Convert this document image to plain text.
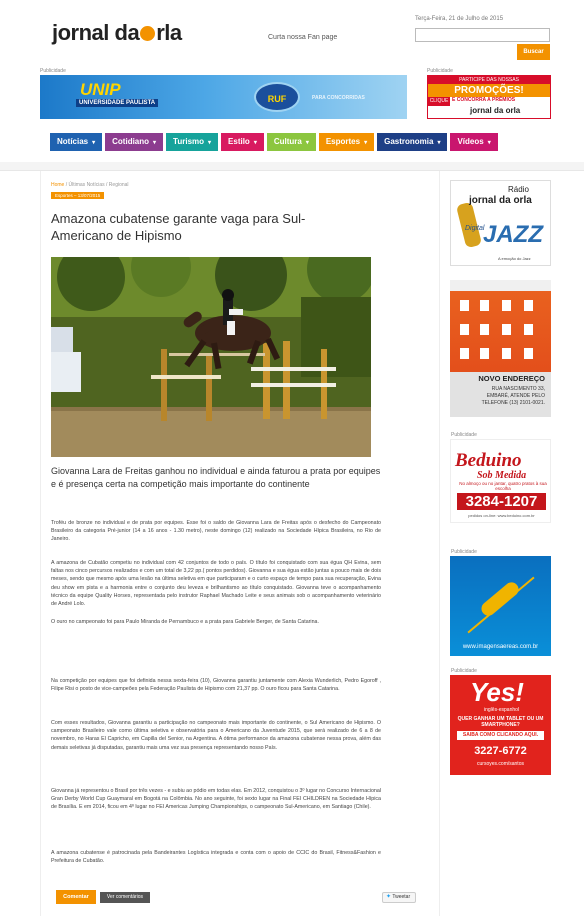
jornal da rla	Curta nossa Fan page
Terça-Feira, 21 de Julho de 2015
Buscar
Publicidade
UNIP
UNIVERSIDADE PAULISTA	RUF	PARA CONCORRIDAS
Publicidade
PARTICIPE DAS NOSSAS
PROMOÇÕES!
CLIQUE E CONCORRA A PRÊMIOS
jornal da orla
Notícias ▾	Cotidiano ▾	Turismo ▾	Estilo ▾	Cultura ▾	Esportes ▾	Gastronomia ▾	Vídeos ▾
Home / Últimas Notícias / Regional
Esportes – 13/07/2015
Amazona cubatense garante vaga para Sul-Americano de Hipismo

Giovanna Lara de Freitas ganhou no individual e ainda faturou a prata por equipes e é presença certa na competição mais importante do continente

Troféu de bronze no individual e de prata por equipes. Esse foi o saldo de Giovanna Lara de Freitas após o desfecho do Campeonato Brasileiro da categoria Pré-junior (14 a 16 anos - 1.30 metro), neste domingo (12) realizado na Sociedade Hípica Brasileira, no Rio de Janeiro.

A amazona de Cubatão competiu no individual com 42 conjuntos de todo o país. O título foi conquistado com sua égua QH Evina, sem faltas nos cinco percursos realizados e com um total de 3,22 pp.( pontos perdidos). Giovanna e sua égua estão juntas a pouco mais de dois meses, sendo que mesmo após uma lesão na última seletiva em que participaram e o curto espaço de tempo para sua recuperação, Evina deu show em pista e a harmonia entre o conjunto deu leveza e brilhantismo ao título conquistado. Giovanna teve o acompanhamento técnico da equipe Quality Horses, representada pelo instrutor Raphael Machado Leite e seus animais sob o acompanhamento veterinário de André Lolo.

O ouro no campeonato foi para Paulo Miranda de Pernambuco e a prata para Gabriele Berger, de Santa Catarina.

Na competição por equipes que foi definida nessa sexta-feira (10), Giovanna garantiu juntamente com Alexia Wunderlich, Pedro Egoroff , Filipe Risi o posto de vice-campeões pela Federação Paulista de Hipismo com 21,37 pp. O ouro ficou para Santa Catarina.

Com esses resultados, Giovanna garantiu a participação no campeonato mais importante do continente, o Sul Americano de Hipismo. O campeonato Brasileiro vale como última seletiva e observatória para o Americano da Juventude 2015, que será realizado de 6 a 8 de novembro, no Haras El Capricho, em Capilla del Senior, na Argentina. A ótima performance da amazona cubatense nessa prova, além das demais seletivas já disputadas, garantiu mais uma vez sua presença representando nosso País.

Giovanna já representou o Brasil por três vezes - e subiu ao pódio em todas elas. Em 2012, conquistou o 3º lugar no Concurso Internacional Gran Derby World Cup Guaymaral em Bogotá na Colômbia. No ano seguinte, foi sexto lugar na Final FEI CHILDREN na Sociedade Hípica de Brasília. E em 2014, ficou em 4º lugar no FEI Americas Jumping Championships, o campeonato Sul-Americano, em Santiago (Chile).

A amazona cubatense é patrocinada pela Bandeirantes Logística integrada e conta com o apoio de CCIC do Brasil, Fitness&Fashion e Prefeitura de Cubatão.

Comentar	Ver comentários	✦ Tweetar
Rádio
jornal da orla
Digital
JAZZ
A emoção do Jazz
NOVO ENDEREÇO
RUA NASCIMENTO 33,
EMBARÉ, ATENDE PELO
TELEFONE (13) 2101-0021.
Publicidade
Beduino
Sob Medida
No almoço ou no jantar, quatro pratos à sua escolha
3284-1207
pedidos on-line: www.beduino.com.br
Publicidade
www.imagensaereas.com.br
Publicidade
Yes!
inglês-espanhol
QUER GANHAR UM TABLET OU UM SMARTPHONE?
SAIBA COMO CLICANDO AQUI.
3227-6772
cursoyes.com/santos
